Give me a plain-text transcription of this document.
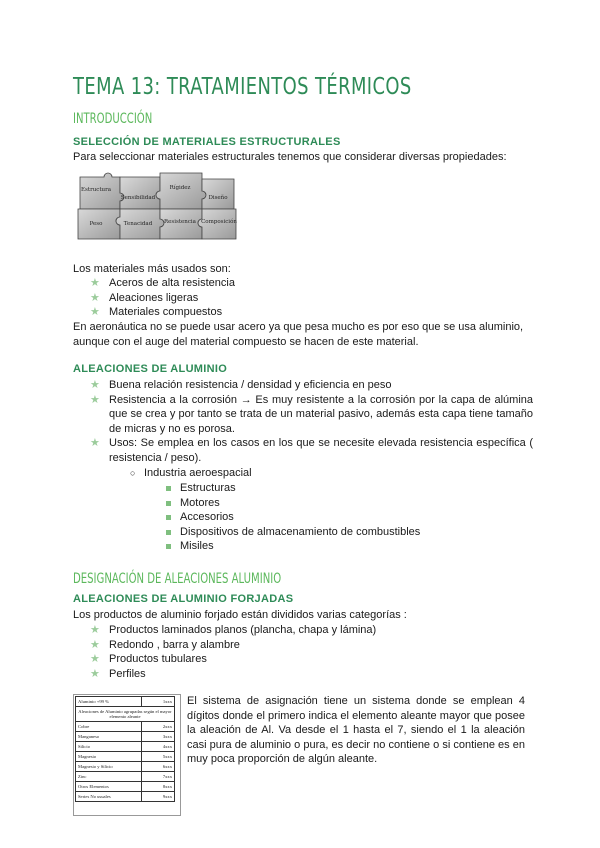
TEMA 13: TRATAMIENTOS TÉRMICOS
INTRODUCCIÓN
SELECCIÓN DE MATERIALES ESTRUCTURALES
Para seleccionar materiales estructurales tenemos que considerar diversas propiedades:
Estructura
Sensibilidad
Rígidez
Diseño
Peso	Tenacidad Resistencia Composición
Los materiales más usados son:
★ Aceros de alta resistencia
★ Aleaciones ligeras
★ Materiales compuestos
En aeronáutica no se puede usar acero ya que pesa mucho es por eso que se usa aluminio, aunque con el auge del material compuesto se hacen de este material.
ALEACIONES DE ALUMINIO
★ Buena relación resistencia / densidad y eficiencia en peso
★ Resistencia a la corrosión → Es muy resistente a la corrosión por la capa de alúmina que se crea y por tanto se trata de un material pasivo, además esta capa tiene tamaño de micras y no es porosa.
★ Usos: Se emplea en los casos en los que se necesite elevada resistencia específica ( resistencia / peso).
○ Industria aeroespacial
Estructuras
Motores
Accesorios
Dispositivos de almacenamiento de combustibles
Misiles
DESIGNACIÓN DE ALEACIONES ALUMINIO
ALEACIONES DE ALUMINIO FORJADAS
Los productos de aluminio forjado están divididos varias categorías :
★ Productos laminados planos (plancha, chapa y lámina)
★ Redondo , barra y alambre
★ Productos tubulares
★ Perfiles
Aluminio +99 %	1xxx
Aleaciones de Aluminio agrupadas según el mayor elemento aleante	
Cobre	2xxx
Manganeso	3xxx
Silicio	4xxx
Magnesio	5xxx
Magnesio y Silicio	6xxx
Zinc	7xxx
Otros Elementos	8xxx
Series No usuales	9xxx
El sistema de asignación tiene un sistema donde se emplean 4 dígitos donde el primero indica el elemento aleante mayor que posee la aleación de Al. Va desde el 1 hasta el 7, siendo el 1 la aleación casi pura de aluminio o pura, es decir no contiene o si contiene es en muy poca proporción de algún aleante.
